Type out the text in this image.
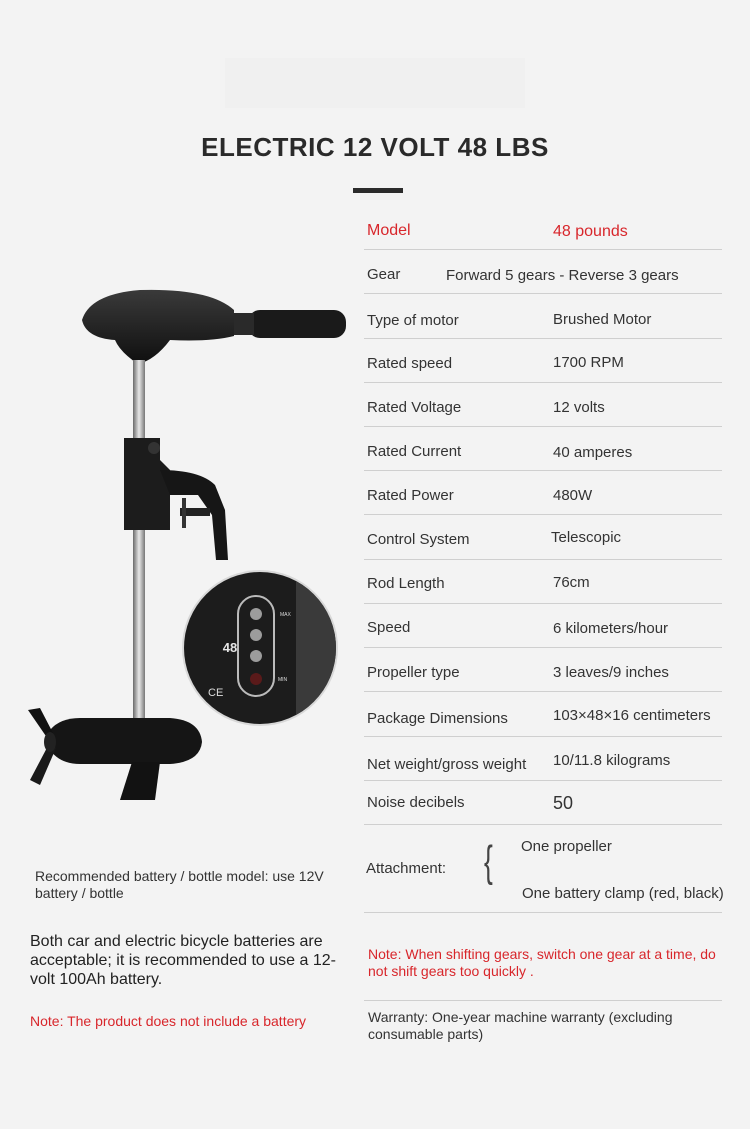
ELECTRIC 12 VOLT 48 LBS
Model	48 pounds
Gear	Forward 5 gears - Reverse 3 gears
Type of motor	Brushed Motor
Rated speed	1700 RPM
Rated Voltage	12 volts
Rated Current	40 amperes
Rated Power	480W
Control System	Telescopic
Rod Length	76cm
Speed	6 kilometers/hour
Propeller type	3 leaves/9 inches
Package Dimensions	103×48×16 centimeters
Net weight/gross weight 10/11.8 kilograms
Noise decibels	50
Attachment: { One propeller
One battery clamp (red, black)
Note: When shifting gears, switch one gear at a time, do not shift gears too quickly .
Warranty: One-year machine warranty (excluding consumable parts)
Recommended battery / bottle model: use 12V battery / bottle
Both car and electric bicycle batteries are acceptable; it is recommended to use a 12-volt 100Ah battery.
Note: The product does not include a battery
48
MAX
MIN
CE
